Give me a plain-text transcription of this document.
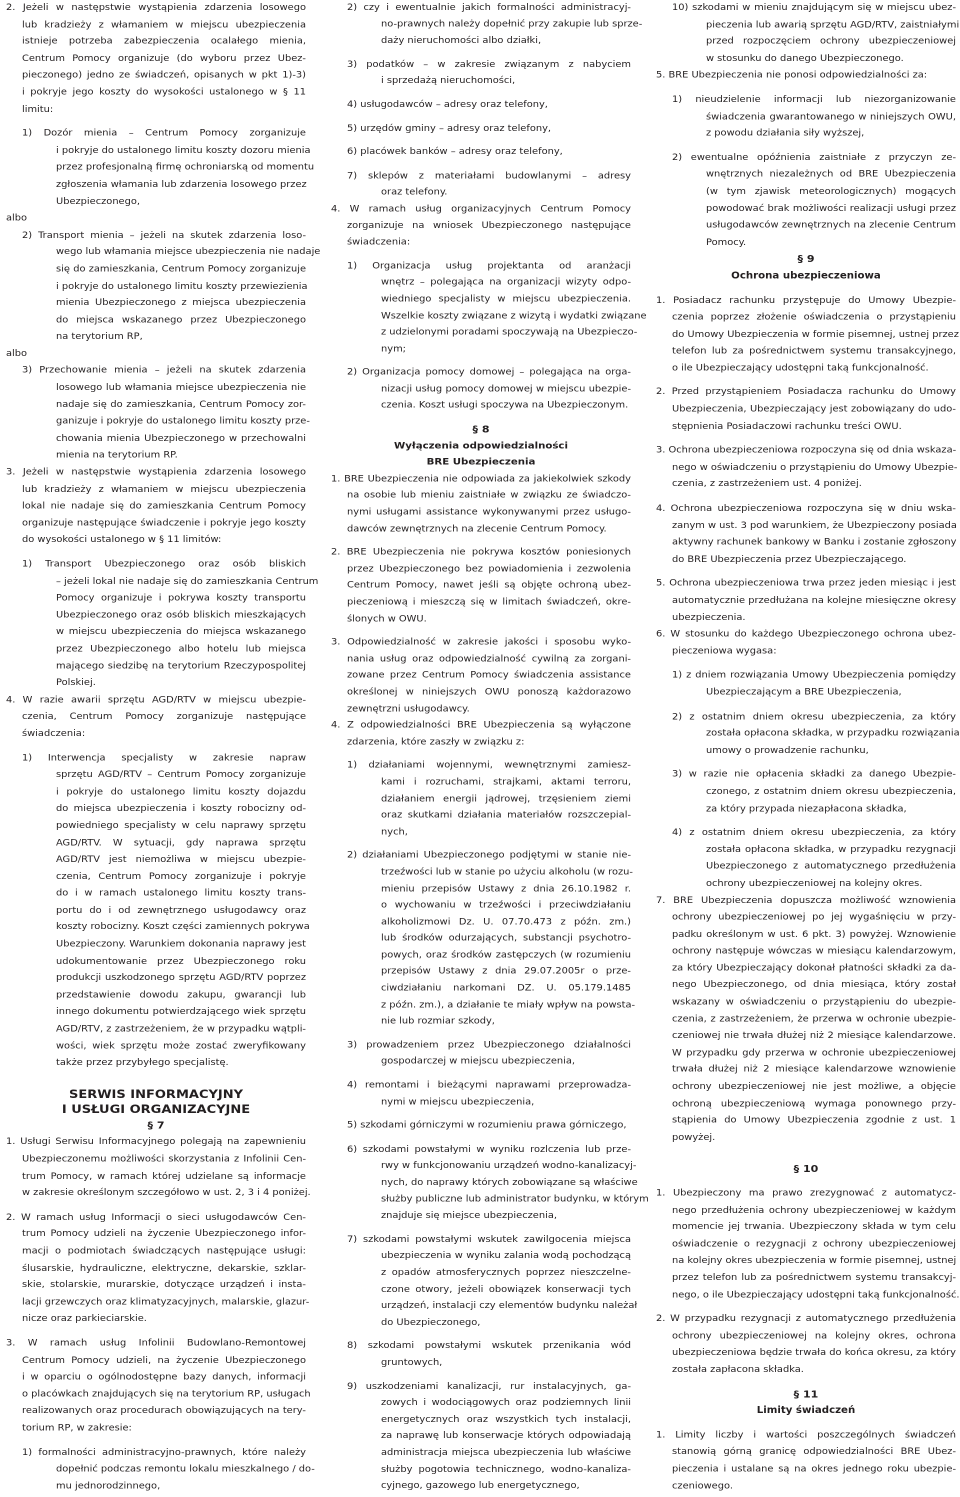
2. Jeżeli w następstwie wystąpienia zdarzenia losowego
lub kradzieży z włamaniem w miejscu ubezpieczenia
istnieje potrzeba zabezpieczenia ocalałego mienia,
Centrum Pomocy organizuje (do wyboru przez Ubez-
pieczonego) jedno ze świadczeń, opisanych w pkt 1)-3)
i pokryje jego koszty do wysokości ustalonego w § 11
limitu:
1) Dozór mienia – Centrum Pomocy zorganizuje
i pokryje do ustalonego limitu koszty dozoru mienia
przez profesjonalną firmę ochroniarską od momentu
zgłoszenia włamania lub zdarzenia losowego przez
Ubezpieczonego,
albo
2) Transport mienia – jeżeli na skutek zdarzenia loso-
wego lub włamania miejsce ubezpieczenia nie nadaje
się do zamieszkania, Centrum Pomocy zorganizuje
i pokryje do ustalonego limitu koszty przewiezienia
mienia Ubezpieczonego z miejsca ubezpieczenia
do miejsca wskazanego przez Ubezpieczonego
na terytorium RP,
albo
3) Przechowanie mienia – jeżeli na skutek zdarzenia
losowego lub włamania miejsce ubezpieczenia nie
nadaje się do zamieszkania, Centrum Pomocy zor-
ganizuje i pokryje do ustalonego limitu koszty prze-
chowania mienia Ubezpieczonego w przechowalni
mienia na terytorium RP.
3. Jeżeli w następstwie wystąpienia zdarzenia losowego
lub kradzieży z włamaniem w miejscu ubezpieczenia
lokal nie nadaje się do zamieszkania Centrum Pomocy
organizuje następujące świadczenie i pokryje jego koszty
do wysokości ustalonego w § 11 limitów:
1) Transport Ubezpieczonego oraz osób bliskich
– jeżeli lokal nie nadaje się do zamieszkania Centrum
Pomocy organizuje i pokrywa koszty transportu
Ubezpieczonego oraz osób bliskich mieszkających
w miejscu ubezpieczenia do miejsca wskazanego
przez Ubezpieczonego albo hotelu lub miejsca
mającego siedzibę na terytorium Rzeczypospolitej
Polskiej.
4. W razie awarii sprzętu AGD/RTV w miejscu ubezpie-
czenia, Centrum Pomocy zorganizuje następujące
świadczenia:
1) Interwencja specjalisty w zakresie napraw
sprzętu AGD/RTV – Centrum Pomocy zorganizuje
i pokryje do ustalonego limitu koszty dojazdu
do miejsca ubezpieczenia i koszty robocizny od-
powiedniego specjalisty w celu naprawy sprzętu
AGD/RTV. W sytuacji, gdy naprawa sprzętu
AGD/RTV jest niemożliwa w miejscu ubezpie-
czenia, Centrum Pomocy zorganizuje i pokryje
do i w ramach ustalonego limitu koszty trans-
portu do i od zewnętrznego usługodawcy oraz
koszty robocizny. Koszt części zamiennych pokrywa
Ubezpieczony. Warunkiem dokonania naprawy jest
udokumentowanie przez Ubezpieczonego roku
produkcji uszkodzonego sprzętu AGD/RTV poprzez
przedstawienie dowodu zakupu, gwarancji lub
innego dokumentu potwierdzającego wiek sprzętu
AGD/RTV, z zastrzeżeniem, że w przypadku wątpli-
wości, wiek sprzętu może zostać zweryfikowany
także przez przybyłego specjalistę.
SERWIS INFORMACYJNY
I USŁUGI ORGANIZACYJNE
§ 7
1. Usługi Serwisu Informacyjnego polegają na zapewnieniu
Ubezpieczonemu możliwości skorzystania z Infolinii Cen-
trum Pomocy, w ramach której udzielane są informacje
w zakresie określonym szczegółowo w ust. 2, 3 i 4 poniżej.
2. W ramach usług Informacji o sieci usługodawców Cen-
trum Pomocy udzieli na życzenie Ubezpieczonego infor-
macji o podmiotach świadczących następujące usługi:
ślusarskie, hydrauliczne, elektryczne, dekarskie, szklar-
skie, stolarskie, murarskie, dotyczące urządzeń i insta-
lacji grzewczych oraz klimatyzacyjnych, malarskie, glazur-
nicze oraz parkieciarskie.
3. W ramach usług Infolinii Budowlano-Remontowej
Centrum Pomocy udzieli, na życzenie Ubezpieczonego
i w oparciu o ogólnodostępne bazy danych, informacji
o placówkach znajdujących się na terytorium RP, usługach
realizowanych oraz procedurach obowiązujących na tery-
torium RP, w zakresie:
1) formalności administracyjno-prawnych, które należy
dopełnić podczas remontu lokalu mieszkalnego / do-
mu jednorodzinnego,
2) czy i ewentualnie jakich formalności administracyj-
no-prawnych należy dopełnić przy zakupie lub sprze-
daży nieruchomości albo działki,
3) podatków – w zakresie związanym z nabyciem
i sprzedażą nieruchomości,
4) usługodawców – adresy oraz telefony,
5) urzędów gminy – adresy oraz telefony,
6) placówek banków – adresy oraz telefony,
7) sklepów z materiałami budowlanymi – adresy
oraz telefony.
4. W ramach usług organizacyjnych Centrum Pomocy
zorganizuje na wniosek Ubezpieczonego następujące
świadczenia:
1) Organizacja usług projektanta od aranżacji
wnętrz – polegająca na organizacji wizyty odpo-
wiedniego specjalisty w miejscu ubezpieczenia.
Wszelkie koszty związane z wizytą i wydatki związane
z udzielonymi poradami spoczywają na Ubezpieczo-
nym;
2) Organizacja pomocy domowej – polegająca na orga-
nizacji usług pomocy domowej w miejscu ubezpie-
czenia. Koszt usługi spoczywa na Ubezpieczonym.
§ 8
Wyłączenia odpowiedzialności
BRE Ubezpieczenia
1. BRE Ubezpieczenia nie odpowiada za jakiekolwiek szkody
na osobie lub mieniu zaistniałe w związku ze świadczo-
nymi usługami assistance wykonywanymi przez usługo-
dawców zewnętrznych na zlecenie Centrum Pomocy.
2. BRE Ubezpieczenia nie pokrywa kosztów poniesionych
przez Ubezpieczonego bez powiadomienia i zezwolenia
Centrum Pomocy, nawet jeśli są objęte ochroną ubez-
pieczeniową i mieszczą się w limitach świadczeń, okre-
ślonych w OWU.
3. Odpowiedzialność w zakresie jakości i sposobu wyko-
nania usług oraz odpowiedzialność cywilną za zorgani-
zowane przez Centrum Pomocy świadczenia assistance
określonej w niniejszych OWU ponoszą każdorazowo
zewnętrzni usługodawcy.
4. Z odpowiedzialności BRE Ubezpieczenia są wyłączone
zdarzenia, które zaszły w związku z:
1) działaniami wojennymi, wewnętrznymi zamiesz-
kami i rozruchami, strajkami, aktami terroru,
działaniem energii jądrowej, trzęsieniem ziemi
oraz skutkami działania materiałów rozszczepial-
nych,
2) działaniami Ubezpieczonego podjętymi w stanie nie-
trzeźwości lub w stanie po użyciu alkoholu (w rozu-
mieniu przepisów Ustawy z dnia 26.10.1982 r.
o wychowaniu w trzeźwości i przeciwdziałaniu
alkoholizmowi Dz. U. 07.70.473 z późn. zm.)
lub środków odurzających, substancji psychotro-
powych, oraz środków zastępczych (w rozumieniu
przepisów Ustawy z dnia 29.07.2005r o prze-
ciwdziałaniu narkomani DZ. U. 05.179.1485
z późn. zm.), a działanie te miały wpływ na powsta-
nie lub rozmiar szkody,
3) prowadzeniem przez Ubezpieczonego działalności
gospodarczej w miejscu ubezpieczenia,
4) remontami i bieżącymi naprawami przeprowadza-
nymi w miejscu ubezpieczenia,
5) szkodami górniczymi w rozumieniu prawa górniczego,
6) szkodami powstałymi w wyniku rozlczenia lub prze-
rwy w funkcjonowaniu urządzeń wodno-kanalizacyj-
nych, do naprawy których zobowiązane są właściwe
służby publiczne lub administrator budynku, w którym
znajduje się miejsce ubezpieczenia,
7) szkodami powstałymi wskutek zawilgocenia miejsca
ubezpieczenia w wyniku zalania wodą pochodzącą
z opadów atmosferycznych poprzez nieszczelne-
czone otwory, jeżeli obowiązek konserwacji tych
urządzeń, instalacji czy elementów budynku należał
do Ubezpieczonego,
8) szkodami powstałymi wskutek przenikania wód
gruntowych,
9) uszkodzeniami kanalizacji, rur instalacyjnych, ga-
zowych i wodociągowych oraz podziemnych linii
energetycznych oraz wszystkich tych instalacji,
za naprawę lub konserwacje których odpowiadają
administracja miejsca ubezpieczenia lub właściwe
służby pogotowia technicznego, wodno-kanaliza-
cyjnego, gazowego lub energetycznego,
10) szkodami w mieniu znajdującym się w miejscu ubez-
pieczenia lub awarią sprzętu AGD/RTV, zaistniałymi
przed rozpoczęciem ochrony ubezpieczeniowej
w stosunku do danego Ubezpieczonego.
5. BRE Ubezpieczenia nie ponosi odpowiedzialności za:
1) nieudzielenie informacji lub niezorganizowanie
świadczenia gwarantowanego w niniejszych OWU,
z powodu działania siły wyższej,
2) ewentualne opóźnienia zaistniałe z przyczyn ze-
wnętrznych niezależnych od BRE Ubezpieczenia
(w tym zjawisk meteorologicznych) mogących
powodować brak możliwości realizacji usługi przez
usługodawców zewnętrznych na zlecenie Centrum
Pomocy.
§ 9
Ochrona ubezpieczeniowa
1. Posiadacz rachunku przystępuje do Umowy Ubezpie-
czenia poprzez złożenie oświadczenia o przystąpieniu
do Umowy Ubezpieczenia w formie pisemnej, ustnej przez
telefon lub za pośrednictwem systemu transakcyjnego,
o ile Ubezpieczający udostępni taką funkcjonalność.
2. Przed przystąpieniem Posiadacza rachunku do Umowy
Ubezpieczenia, Ubezpieczający jest zobowiązany do udo-
stępnienia Posiadaczowi rachunku treści OWU.
3. Ochrona ubezpieczeniowa rozpoczyna się od dnia wskaza-
nego w oświadczeniu o przystąpieniu do Umowy Ubezpie-
czenia, z zastrzeżeniem ust. 4 poniżej.
4. Ochrona ubezpieczeniowa rozpoczyna się w dniu wska-
zanym w ust. 3 pod warunkiem, że Ubezpieczony posiada
aktywny rachunek bankowy w Banku i zostanie zgłoszony
do BRE Ubezpieczenia przez Ubezpieczającego.
5. Ochrona ubezpieczeniowa trwa przez jeden miesiąc i jest
automatycznie przedłużana na kolejne miesięczne okresy
ubezpieczenia.
6. W stosunku do każdego Ubezpieczonego ochrona ubez-
pieczeniowa wygasa:
1) z dniem rozwiązania Umowy Ubezpieczenia pomiędzy
Ubezpieczającym a BRE Ubezpieczenia,
2) z ostatnim dniem okresu ubezpieczenia, za który
została opłacona składka, w przypadku rozwiązania
umowy o prowadzenie rachunku,
3) w razie nie opłacenia składki za danego Ubezpie-
czonego, z ostatnim dniem okresu ubezpieczenia,
za który przypada niezapłacona składka,
4) z ostatnim dniem okresu ubezpieczenia, za który
została opłacona składka, w przypadku rezygnacji
Ubezpieczonego z automatycznego przedłużenia
ochrony ubezpieczeniowej na kolejny okres.
7. BRE Ubezpieczenia dopuszcza możliwość wznowienia
ochrony ubezpieczeniowej po jej wygaśnięciu w przy-
padku określonym w ust. 6 pkt. 3) powyżej. Wznowienie
ochrony następuje wówczas w miesiącu kalendarzowym,
za który Ubezpieczający dokonał płatności składki za da-
nego Ubezpieczonego, od dnia miesiąca, który został
wskazany w oświadczeniu o przystąpieniu do ubezpie-
czenia, z zastrzeżeniem, że przerwa w ochronie ubezpie-
czeniowej nie trwała dłużej niż 2 miesiące kalendarzowe.
W przypadku gdy przerwa w ochronie ubezpieczeniowej
trwała dłużej niż 2 miesiące kalendarzowe wznowienie
ochrony ubezpieczeniowej nie jest możliwe, a objęcie
ochroną ubezpieczeniową wymaga ponownego przy-
stąpienia do Umowy Ubezpieczenia zgodnie z ust. 1
powyżej.
§ 10
1. Ubezpieczony ma prawo zrezygnować z automatycz-
nego przedłużenia ochrony ubezpieczeniowej w każdym
momencie jej trwania. Ubezpieczony składa w tym celu
oświadczenie o rezygnacji z ochrony ubezpieczeniowej
na kolejny okres ubezpieczenia w formie pisemnej, ustnej
przez telefon lub za pośrednictwem systemu transakcyj-
nego, o ile Ubezpieczający udostępni taką funkcjonalność.
2. W przypadku rezygnacji z automatycznego przedłużenia
ochrony ubezpieczeniowej na kolejny okres, ochrona
ubezpieczeniowa będzie trwała do końca okresu, za który
została zapłacona składka.
§ 11
Limity świadczeń
1. Limity liczby i wartości poszczególnych świadczeń
stanowią górną granicę odpowiedzialności BRE Ubez-
pieczenia i ustalane są na okres jednego roku ubezpie-
czeniowego.
